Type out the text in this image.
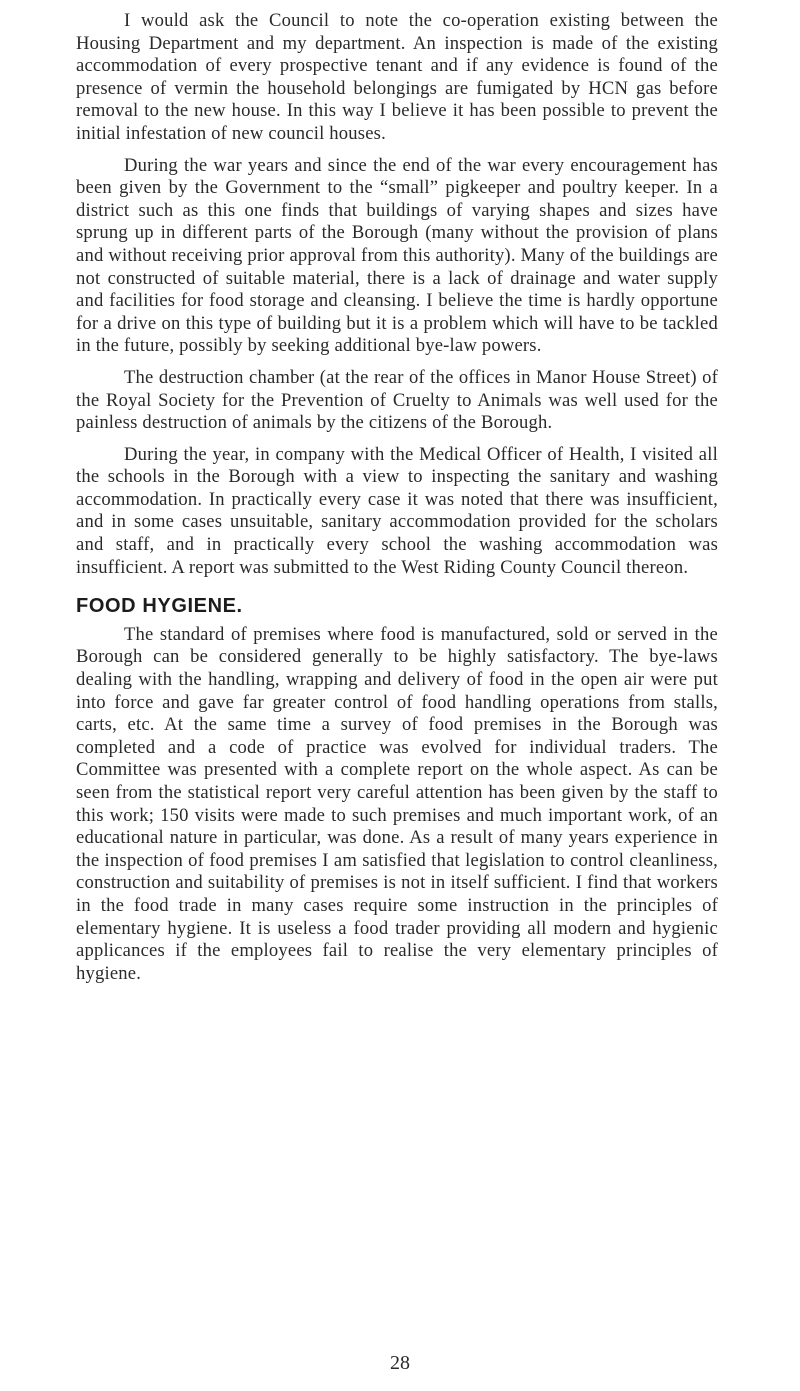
I would ask the Council to note the co-operation existing between the Housing Department and my department. An inspection is made of the existing accommodation of every prospective tenant and if any evidence is found of the presence of vermin the household belongings are fumigated by HCN gas before removal to the new house. In this way I believe it has been possible to prevent the initial infestation of new council houses.

During the war years and since the end of the war every encouragement has been given by the Government to the “small” pigkeeper and poultry keeper. In a district such as this one finds that buildings of varying shapes and sizes have sprung up in different parts of the Borough (many without the provision of plans and without receiving prior approval from this authority). Many of the buildings are not constructed of suitable material, there is a lack of drainage and water supply and facilities for food storage and cleansing. I believe the time is hardly opportune for a drive on this type of building but it is a problem which will have to be tackled in the future, possibly by seeking additional bye-law powers.

The destruction chamber (at the rear of the offices in Manor House Street) of the Royal Society for the Prevention of Cruelty to Animals was well used for the painless destruction of animals by the citizens of the Borough.

During the year, in company with the Medical Officer of Health, I visited all the schools in the Borough with a view to inspecting the sanitary and washing accommodation. In practically every case it was noted that there was insufficient, and in some cases unsuitable, sanitary accommodation provided for the scholars and staff, and in practically every school the washing accommodation was insufficient. A report was submitted to the West Riding County Council thereon.

FOOD HYGIENE.

The standard of premises where food is manufactured, sold or served in the Borough can be considered generally to be highly satisfactory. The bye-laws dealing with the handling, wrapping and delivery of food in the open air were put into force and gave far greater control of food handling operations from stalls, carts, etc. At the same time a survey of food premises in the Borough was completed and a code of practice was evolved for individual traders. The Committee was presented with a complete report on the whole aspect. As can be seen from the statistical report very careful attention has been given by the staff to this work; 150 visits were made to such premises and much important work, of an educational nature in particular, was done. As a result of many years experience in the inspection of food premises I am satisfied that legislation to control cleanliness, construction and suitability of premises is not in itself sufficient. I find that workers in the food trade in many cases require some instruction in the principles of elementary hygiene. It is useless a food trader providing all modern and hygienic applicances if the employees fail to realise the very elementary principles of hygiene.

28
